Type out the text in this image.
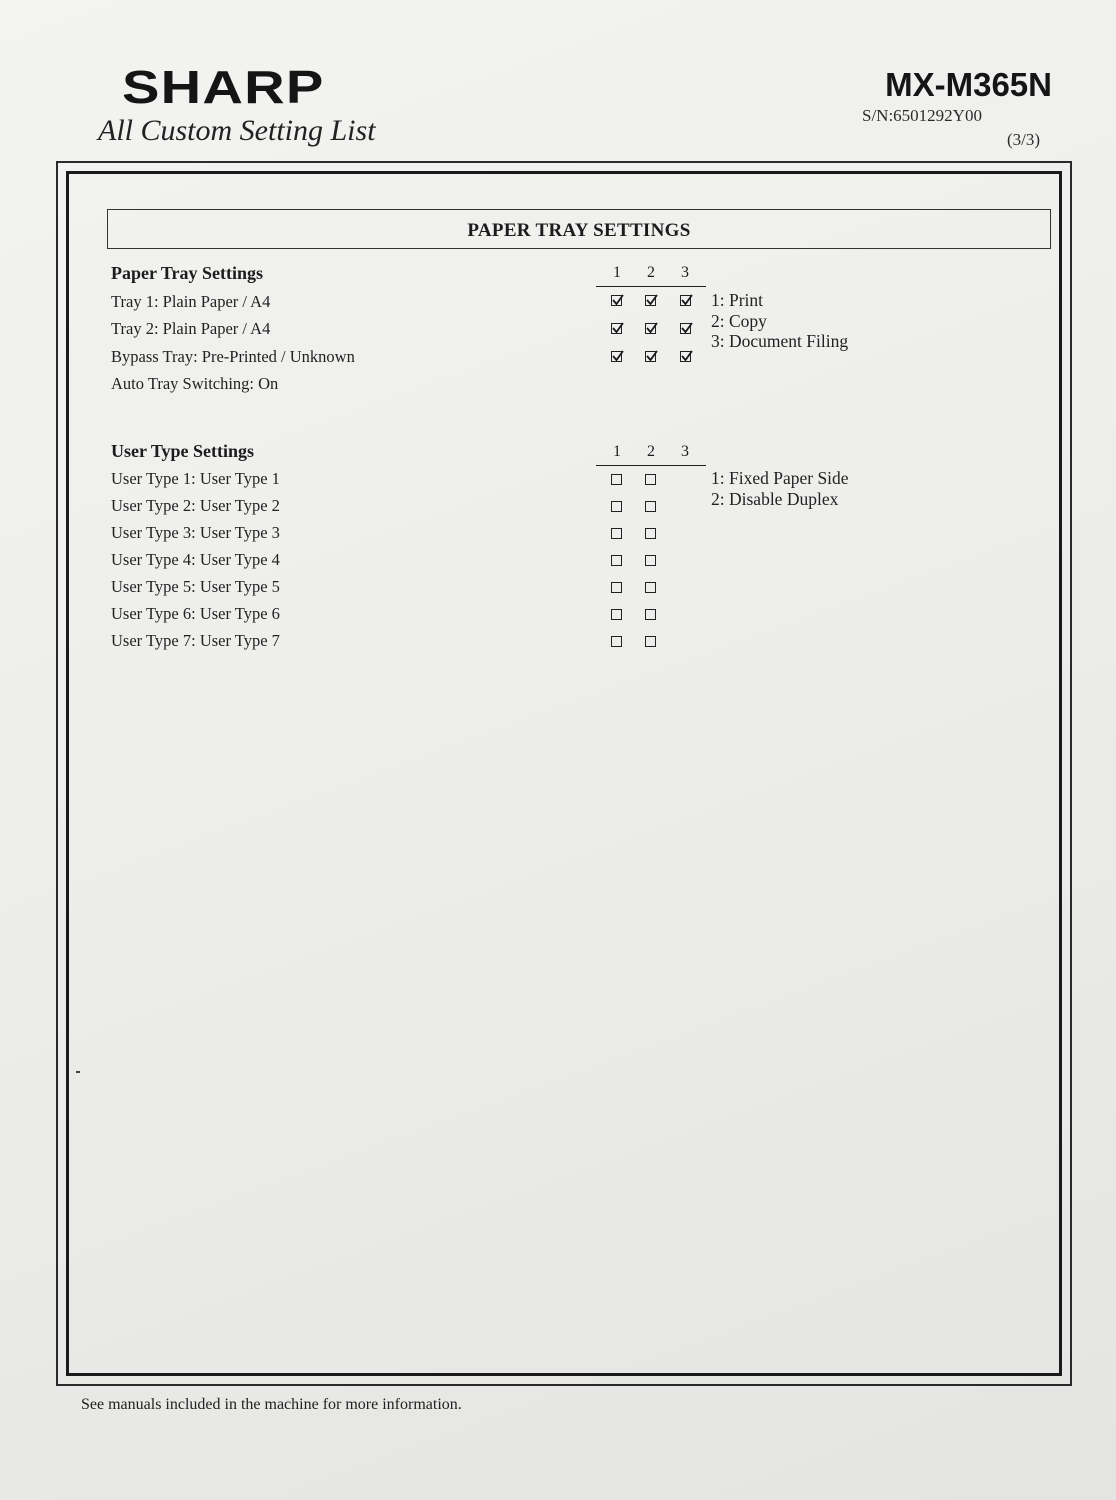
SHARP
All Custom Setting List
MX-M365N
S/N:6501292Y00
(3/3)
PAPER TRAY SETTINGS
Paper Tray Settings	1 2 3
Tray 1: Plain Paper / A4
Tray 2: Plain Paper / A4
Bypass Tray: Pre-Printed / Unknown
Auto Tray Switching: On
1: Print
2: Copy
3: Document Filing
User Type Settings	1 2 3
User Type 1: User Type 1
User Type 2: User Type 2
User Type 3: User Type 3
User Type 4: User Type 4
User Type 5: User Type 5
User Type 6: User Type 6
User Type 7: User Type 7
1: Fixed Paper Side
2: Disable Duplex
See manuals included in the machine for more information.
